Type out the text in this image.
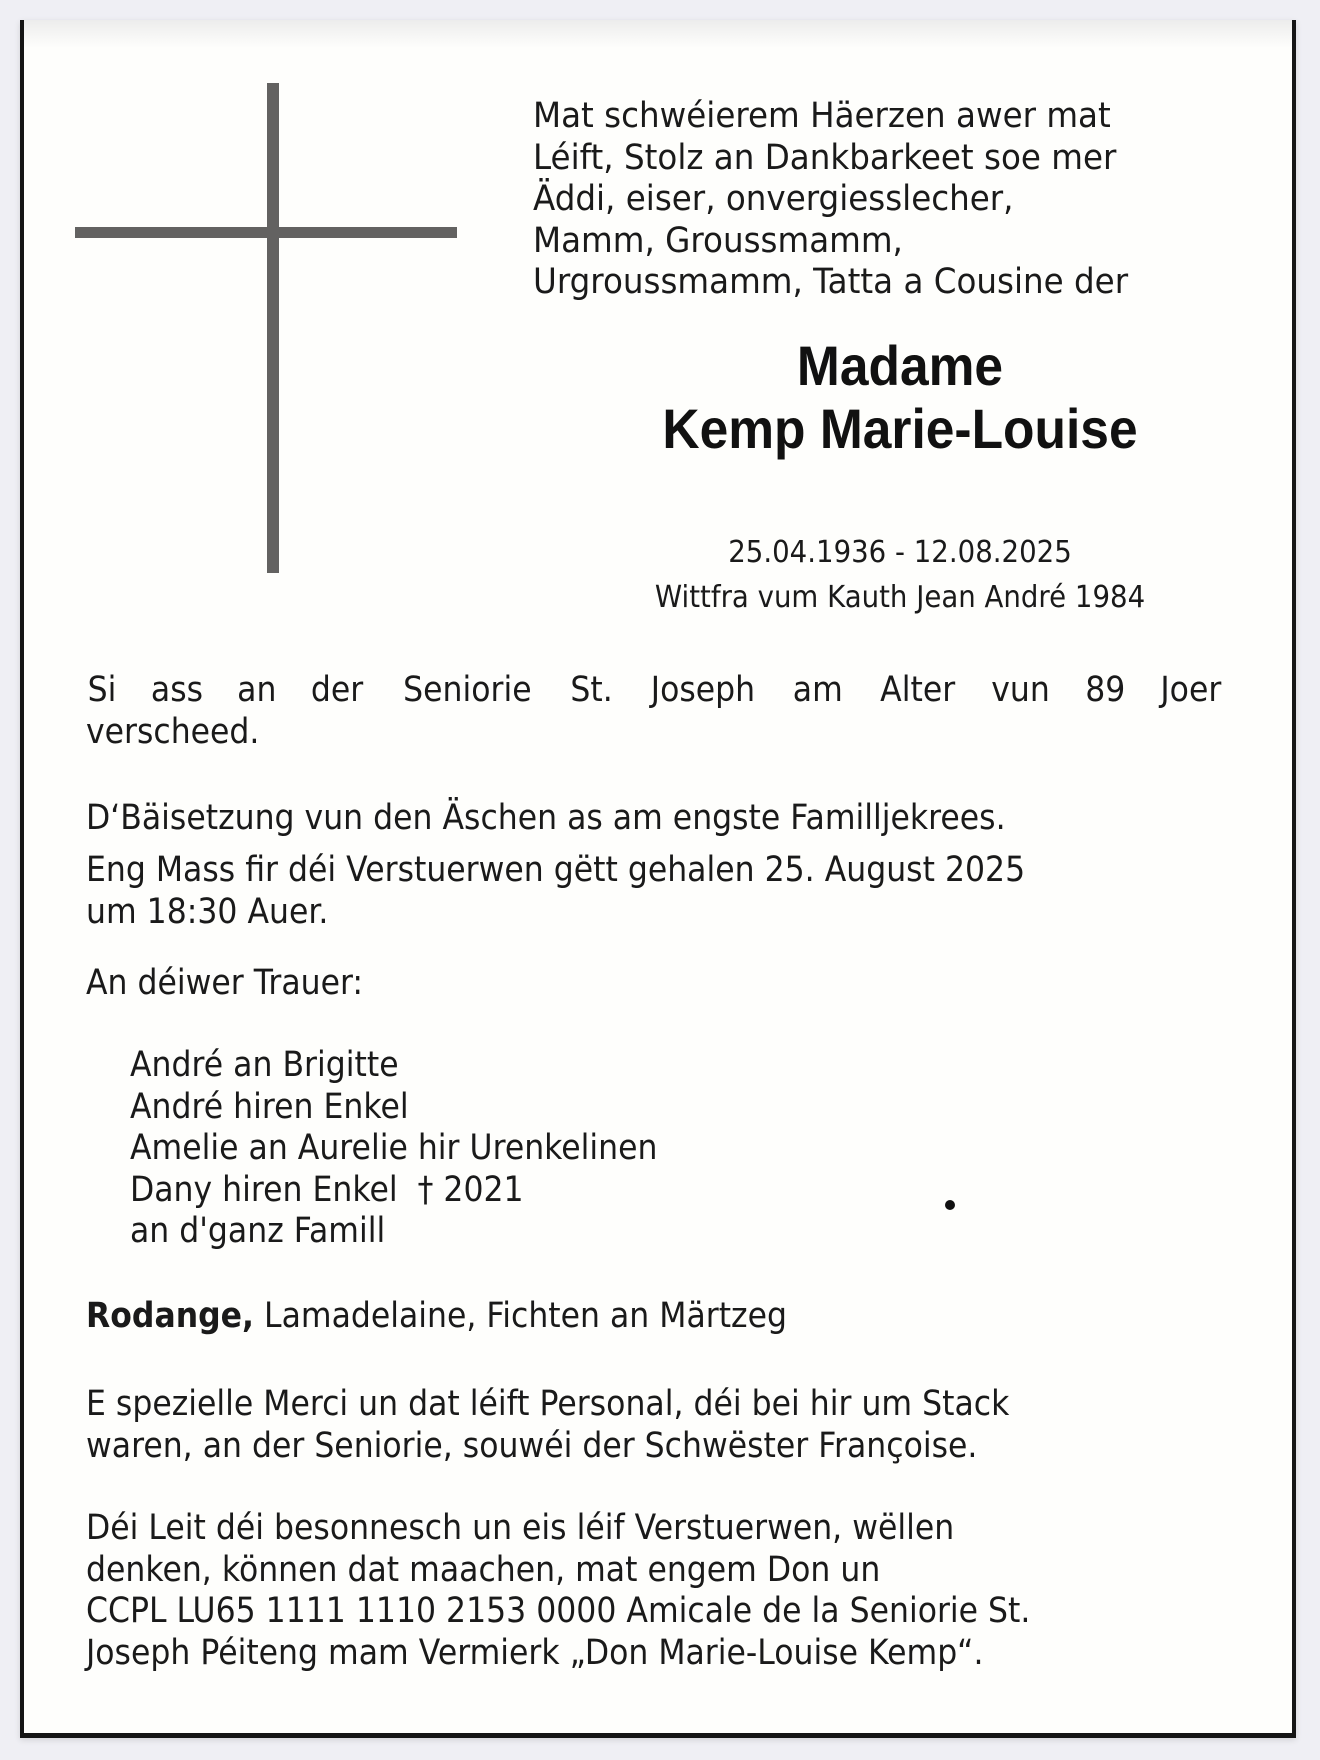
Mat schwéierem Häerzen awer mat
Léift, Stolz an Dankbarkeet soe mer
Äddi, eiser, onvergiesslecher,
Mamm, Groussmamm,
Urgroussmamm, Tatta a Cousine der
Madame
Kemp Marie-Louise
25.04.1936 - 12.08.2025
Wittfra vum Kauth Jean André 1984
Si ass an der Seniorie St. Joseph am Alter vun 89 Joer
verscheed.
D‘Bäisetzung vun den Äschen as am engste Familljekrees.
Eng Mass fir déi Verstuerwen gëtt gehalen 25. August 2025
um 18:30 Auer.
An déiwer Trauer:
André an Brigitte
André hiren Enkel
Amelie an Aurelie hir Urenkelinen
Dany hiren Enkel  † 2021
an d'ganz Famill
Rodange, Lamadelaine, Fichten an Märtzeg
E spezielle Merci un dat léift Personal, déi bei hir um Stack
waren, an der Seniorie, souwéi der Schwëster Françoise.
Déi Leit déi besonnesch un eis léif Verstuerwen, wëllen
denken, können dat maachen, mat engem Don un
CCPL LU65 1111 1110 2153 0000 Amicale de la Seniorie St.
Joseph Péiteng mam Vermierk „Don Marie-Louise Kemp“.
